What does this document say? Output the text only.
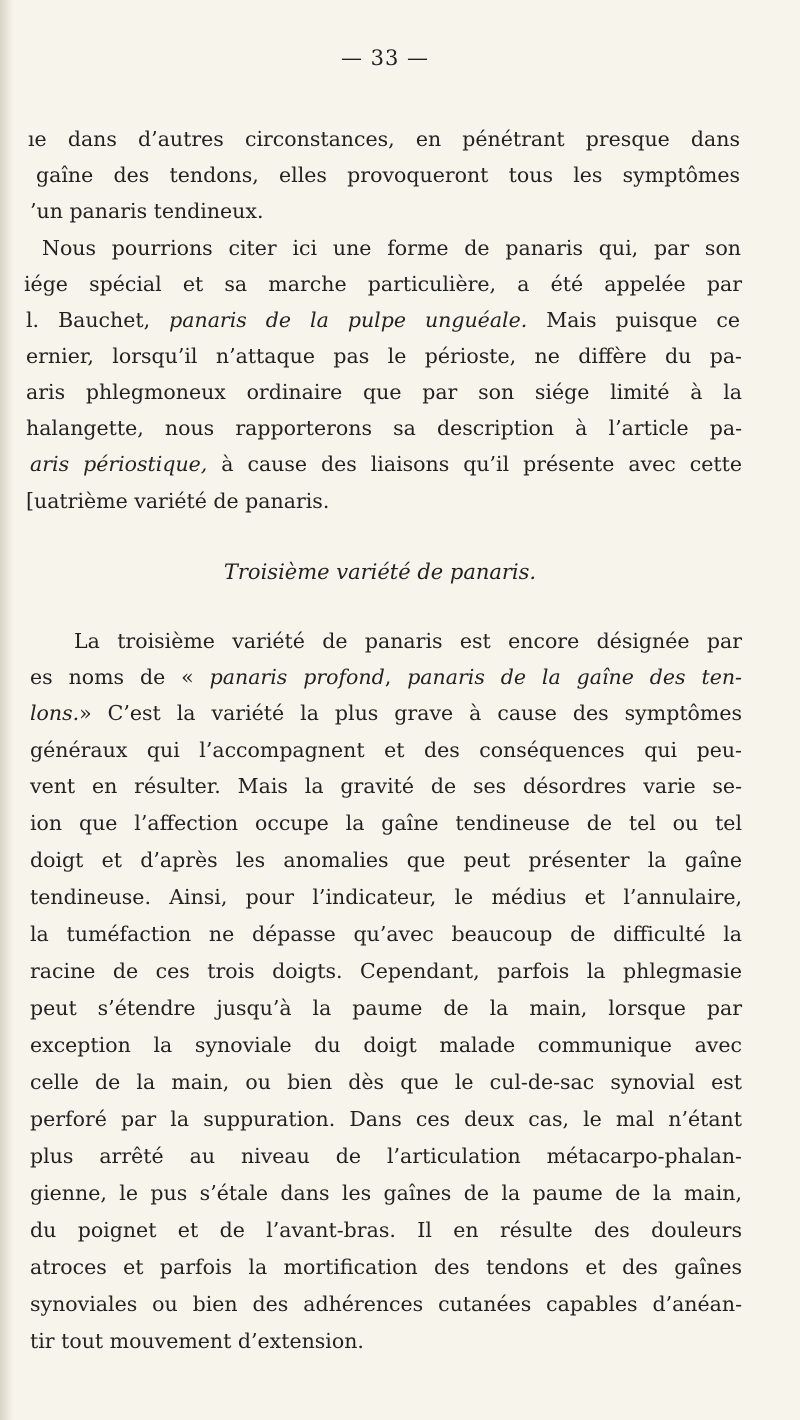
— 33 —
ıe dans d’autres circonstances, en pénétrant presque dans
gaîne des tendons, elles provoqueront tous les symptômes
’un panaris tendineux.
Nous pourrions citer ici une forme de panaris qui, par son
iége spécial et sa marche particulière, a été appelée par
l. Bauchet, panaris de la pulpe unguéale. Mais puisque ce
ernier, lorsqu’il n’attaque pas le périoste, ne diffère du pa-
aris phlegmoneux ordinaire que par son siége limité à la
halangette, nous rapporterons sa description à l’article pa-
aris périostique, à cause des liaisons qu’il présente avec cette
[uatrième variété de panaris.
Troisième variété de panaris.
La troisième variété de panaris est encore désignée par
es noms de « panaris profond, panaris de la gaîne des ten-
lons.» C’est la variété la plus grave à cause des symptômes
généraux qui l’accompagnent et des conséquences qui peu-
vent en résulter. Mais la gravité de ses désordres varie se-
ion que l’affection occupe la gaîne tendineuse de tel ou tel
doigt et d’après les anomalies que peut présenter la gaîne
tendineuse. Ainsi, pour l’indicateur, le médius et l’annulaire,
la tuméfaction ne dépasse qu’avec beaucoup de difficulté la
racine de ces trois doigts. Cependant, parfois la phlegmasie
peut s’étendre jusqu’à la paume de la main, lorsque par
exception la synoviale du doigt malade communique avec
celle de la main, ou bien dès que le cul-de-sac synovial est
perforé par la suppuration. Dans ces deux cas, le mal n’étant
plus arrêté au niveau de l’articulation métacarpo-phalan-
gienne, le pus s’étale dans les gaînes de la paume de la main,
du poignet et de l’avant-bras. Il en résulte des douleurs
atroces et parfois la mortification des tendons et des gaînes
synoviales ou bien des adhérences cutanées capables d’anéan-
tir tout mouvement d’extension.
